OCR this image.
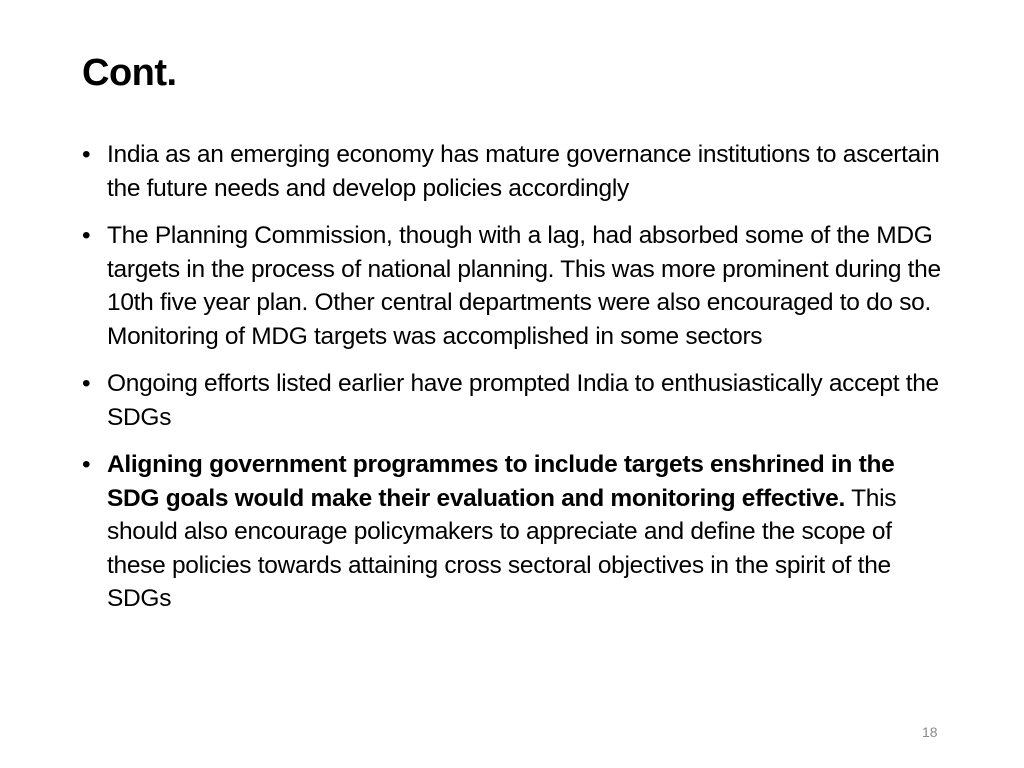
Cont.
• India as an emerging economy has mature governance institutions to ascertain the future needs and develop policies accordingly
• The Planning Commission, though with a lag, had absorbed some of the MDG targets in the process of national planning. This was more prominent during the 10th five year plan. Other central departments were also encouraged to do so. Monitoring of MDG targets was accomplished in some sectors
• Ongoing efforts listed earlier have prompted India to enthusiastically accept the SDGs
• Aligning government programmes to include targets enshrined in the SDG goals would make their evaluation and monitoring effective. This should also encourage policymakers to appreciate and define the scope of these policies towards attaining cross sectoral objectives in the spirit of the SDGs
18
